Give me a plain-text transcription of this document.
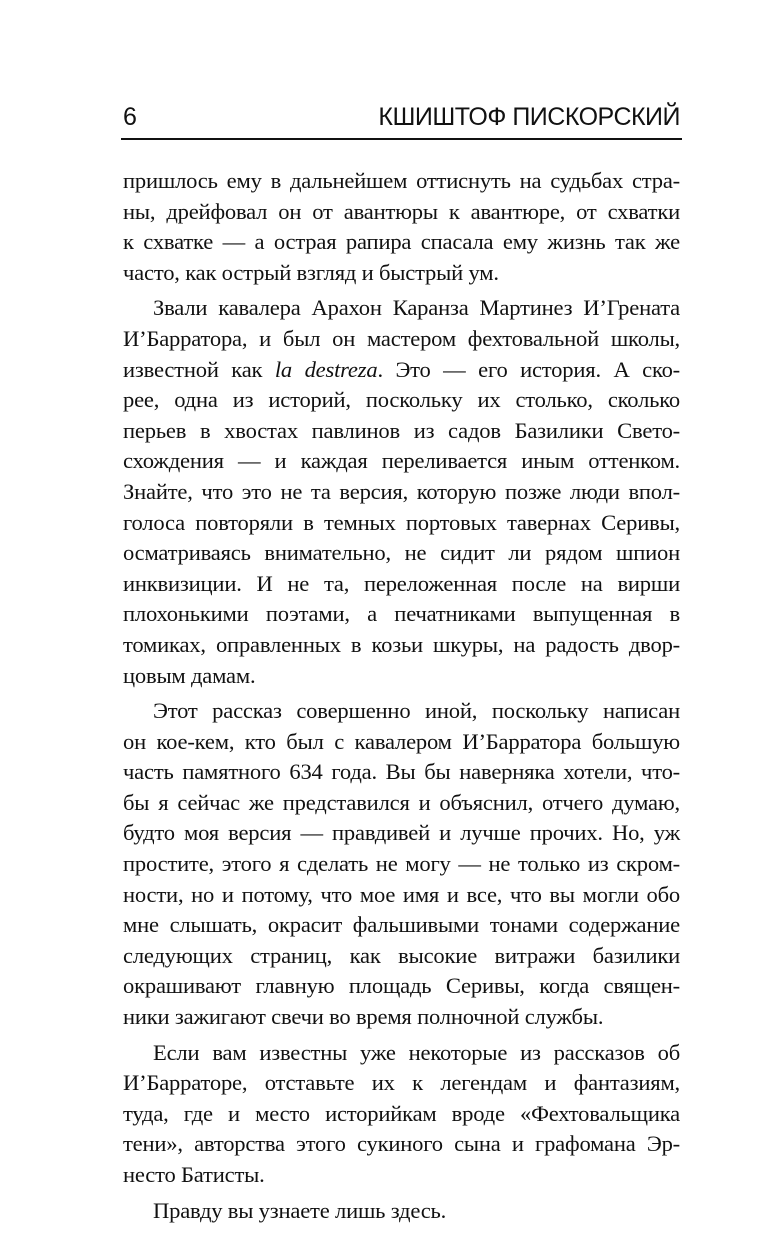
6	КШИШТОФ ПИСКОРСКИЙ
пришлось ему в дальнейшем оттиснуть на судьбах стра-
ны, дрейфовал он от авантюры к авантюре, от схватки
к схватке — а острая рапира спасала ему жизнь так же
часто, как острый взгляд и быстрый ум.
Звали кавалера Арахон Каранза Мартинез И’Грената
И’Барратора, и был он мастером фехтовальной школы,
известной как la destreza. Это — его история. А ско-
рее, одна из историй, поскольку их столько, сколько
перьев в хвостах павлинов из садов Базилики Свето-
схождения — и каждая переливается иным оттенком.
Знайте, что это не та версия, которую позже люди впол-
голоса повторяли в темных портовых тавернах Серивы,
осматриваясь внимательно, не сидит ли рядом шпион
инквизиции. И не та, переложенная после на вирши
плохонькими поэтами, а печатниками выпущенная в
томиках, оправленных в козьи шкуры, на радость двор-
цовым дамам.
Этот рассказ совершенно иной, поскольку написан
он кое-кем, кто был с кавалером И’Барратора большую
часть памятного 634 года. Вы бы наверняка хотели, что-
бы я сейчас же представился и объяснил, отчего думаю,
будто моя версия — правдивей и лучше прочих. Но, уж
простите, этого я сделать не могу — не только из скром-
ности, но и потому, что мое имя и все, что вы могли обо
мне слышать, окрасит фальшивыми тонами содержание
следующих страниц, как высокие витражи базилики
окрашивают главную площадь Серивы, когда священ-
ники зажигают свечи во время полночной службы.
Если вам известны уже некоторые из рассказов об
И’Барраторе, отставьте их к легендам и фантазиям,
туда, где и место историйкам вроде «Фехтовальщика
тени», авторства этого сукиного сына и графомана Эр-
несто Батисты.
Правду вы узнаете лишь здесь.
